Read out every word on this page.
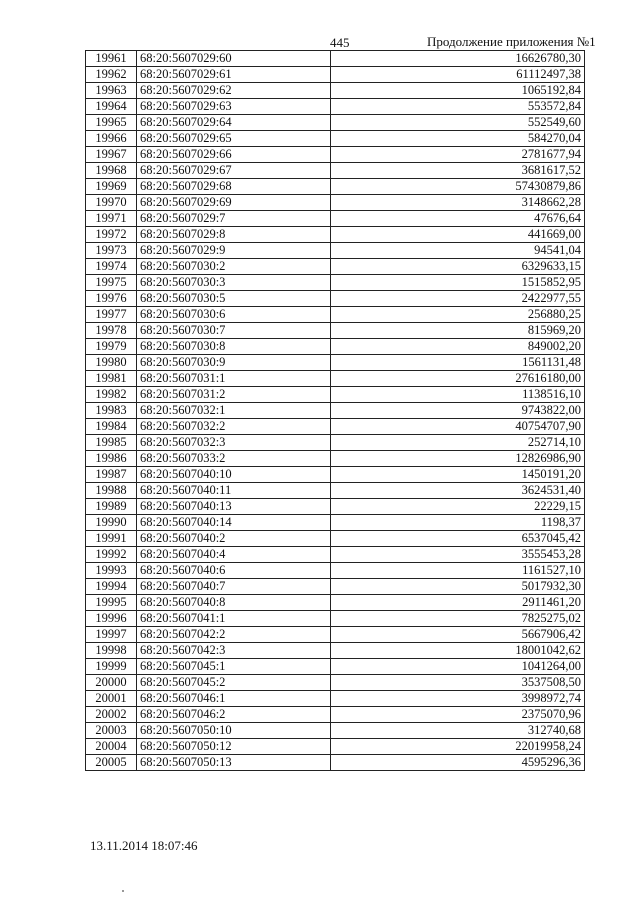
445	Продолжение приложения №1
19961	68:20:5607029:60	16626780,30
19962	68:20:5607029:61	61112497,38
19963	68:20:5607029:62	1065192,84
19964	68:20:5607029:63	553572,84
19965	68:20:5607029:64	552549,60
19966	68:20:5607029:65	584270,04
19967	68:20:5607029:66	2781677,94
19968	68:20:5607029:67	3681617,52
19969	68:20:5607029:68	57430879,86
19970	68:20:5607029:69	3148662,28
19971	68:20:5607029:7	47676,64
19972	68:20:5607029:8	441669,00
19973	68:20:5607029:9	94541,04
19974	68:20:5607030:2	6329633,15
19975	68:20:5607030:3	1515852,95
19976	68:20:5607030:5	2422977,55
19977	68:20:5607030:6	256880,25
19978	68:20:5607030:7	815969,20
19979	68:20:5607030:8	849002,20
19980	68:20:5607030:9	1561131,48
19981	68:20:5607031:1	27616180,00
19982	68:20:5607031:2	1138516,10
19983	68:20:5607032:1	9743822,00
19984	68:20:5607032:2	40754707,90
19985	68:20:5607032:3	252714,10
19986	68:20:5607033:2	12826986,90
19987	68:20:5607040:10	1450191,20
19988	68:20:5607040:11	3624531,40
19989	68:20:5607040:13	22229,15
19990	68:20:5607040:14	1198,37
19991	68:20:5607040:2	6537045,42
19992	68:20:5607040:4	3555453,28
19993	68:20:5607040:6	1161527,10
19994	68:20:5607040:7	5017932,30
19995	68:20:5607040:8	2911461,20
19996	68:20:5607041:1	7825275,02
19997	68:20:5607042:2	5667906,42
19998	68:20:5607042:3	18001042,62
19999	68:20:5607045:1	1041264,00
20000	68:20:5607045:2	3537508,50
20001	68:20:5607046:1	3998972,74
20002	68:20:5607046:2	2375070,96
20003	68:20:5607050:10	312740,68
20004	68:20:5607050:12	22019958,24
20005	68:20:5607050:13	4595296,36
13.11.2014 18:07:46
